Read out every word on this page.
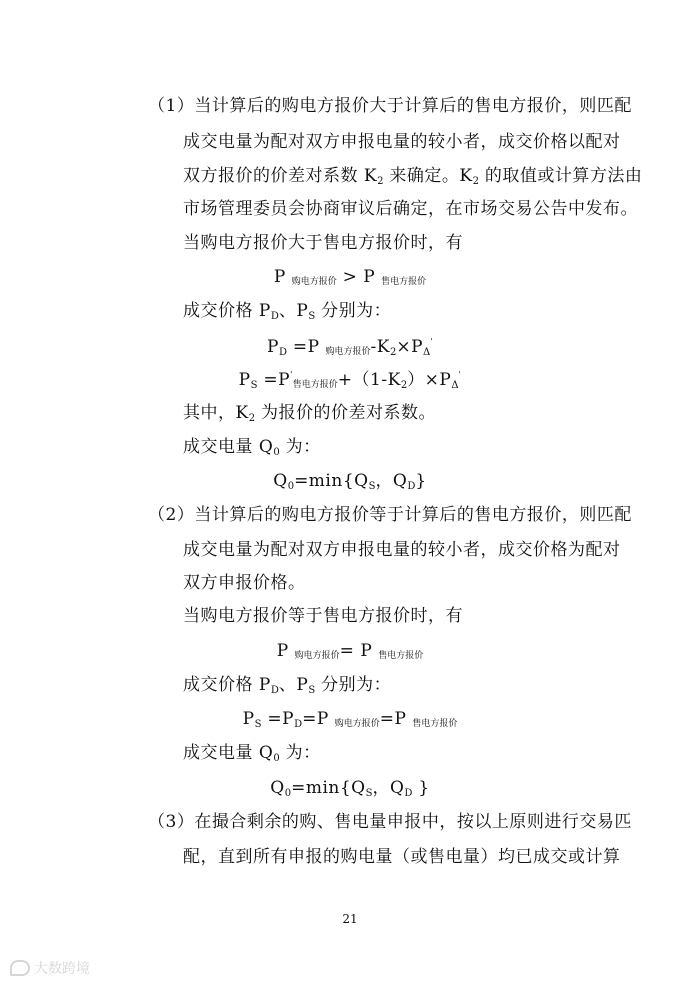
（1）当计算后的购电方报价大于计算后的售电方报价，则匹配
成交电量为配对双方申报电量的较小者，成交价格以配对
双方报价的价差对系数 $K_2$ 来确定。$K_2$ 的取值或计算方法由
市场管理委员会协商审议后确定，在市场交易公告中发布。
当购电方报价大于售电方报价时，有
P 购电方报价 > P 售电方报价
成交价格 $P_D$、$P_S$ 分别为：
$P_D =P$ 购电方报价$-K_2\times P_\Delta'$
$P_S =P'$售电方报价$+(1-K_2)\times P_\Delta'$
其中，$K_2$ 为报价的价差对系数。
成交电量 $Q_0$ 为：
$Q_0=\min\{Q_S$，$Q_D$}
（2）当计算后的购电方报价等于计算后的售电方报价，则匹配
成交电量为配对双方申报电量的较小者，成交价格为配对
双方申报价格。
当购电方报价等于售电方报价时，有
P 购电方报价= P 售电方报价
成交价格 $P_D$、$P_S$ 分别为：
$P_S =P_D=P$ 购电方报价=P 售电方报价
成交电量 $Q_0$ 为：
$Q_0=\min\{Q_S$，$Q_D$ }
（3）在撮合剩余的购、售电量申报中，按以上原则进行交易匹
配，直到所有申报的购电量（或售电量）均已成交或计算
21
大数跨境
